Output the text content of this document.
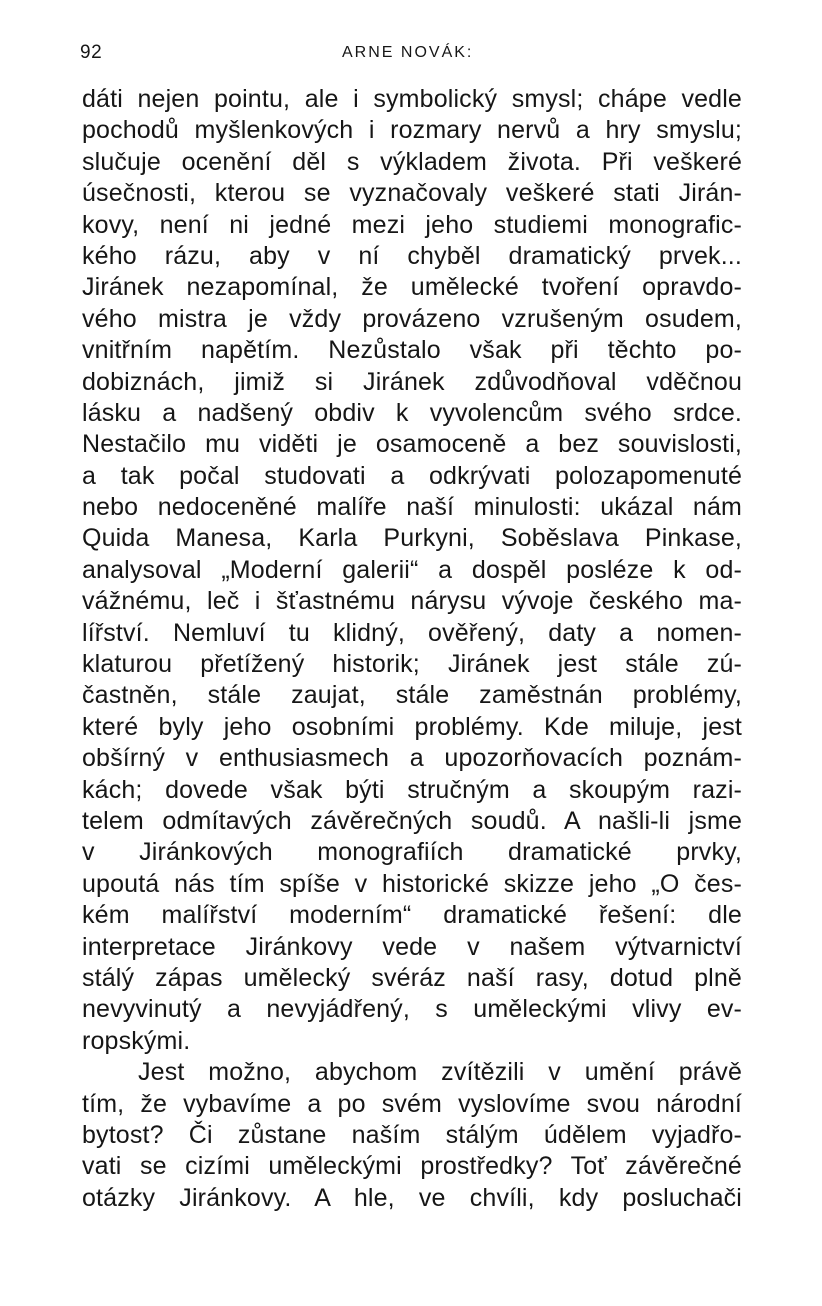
92	ARNE NOVÁK:
dáti nejen pointu, ale i symbolický smysl; chápe vedle
pochodů myšlenkových i rozmary nervů a hry smyslu;
slučuje ocenění děl s výkladem života. Při veškeré
úsečnosti, kterou se vyznačovaly veškeré stati Jirán-
kovy, není ni jedné mezi jeho studiemi monografic-
kého rázu, aby v ní chyběl dramatický prvek...
Jiránek nezapomínal, že umělecké tvoření opravdo-
vého mistra je vždy provázeno vzrušeným osudem,
vnitřním napětím. Nezůstalo však při těchto po-
dobiznách, jimiž si Jiránek zdůvodňoval vděčnou
lásku a nadšený obdiv k vyvolencům svého srdce.
Nestačilo mu viděti je osamoceně a bez souvislosti,
a tak počal studovati a odkrývati polozapomenuté
nebo nedoceněné malíře naší minulosti: ukázal nám
Quida Manesa, Karla Purkyni, Soběslava Pinkase,
analysoval „Moderní galerii“ a dospěl posléze k od-
vážnému, leč i šťastnému nárysu vývoje českého ma-
lířství. Nemluví tu klidný, ověřený, daty a nomen-
klaturou přetížený historik; Jiránek jest stále zú-
častněn, stále zaujat, stále zaměstnán problémy,
které byly jeho osobními problémy. Kde miluje, jest
obšírný v enthusiasmech a upozorňovacích poznám-
kách; dovede však býti stručným a skoupým razi-
telem odmítavých závěrečných soudů. A našli-li jsme
v Jiránkových monografiích dramatické prvky,
upoutá nás tím spíše v historické skizze jeho „O čes-
kém malířství moderním“ dramatické řešení: dle
interpretace Jiránkovy vede v našem výtvarnictví
stálý zápas umělecký svéráz naší rasy, dotud plně
nevyvinutý a nevyjádřený, s uměleckými vlivy ev-
ropskými.
Jest možno, abychom zvítězili v umění právě
tím, že vybavíme a po svém vyslovíme svou národní
bytost? Či zůstane naším stálým údělem vyjadřo-
vati se cizími uměleckými prostředky? Toť závěrečné
otázky Jiránkovy. A hle, ve chvíli, kdy posluchači
